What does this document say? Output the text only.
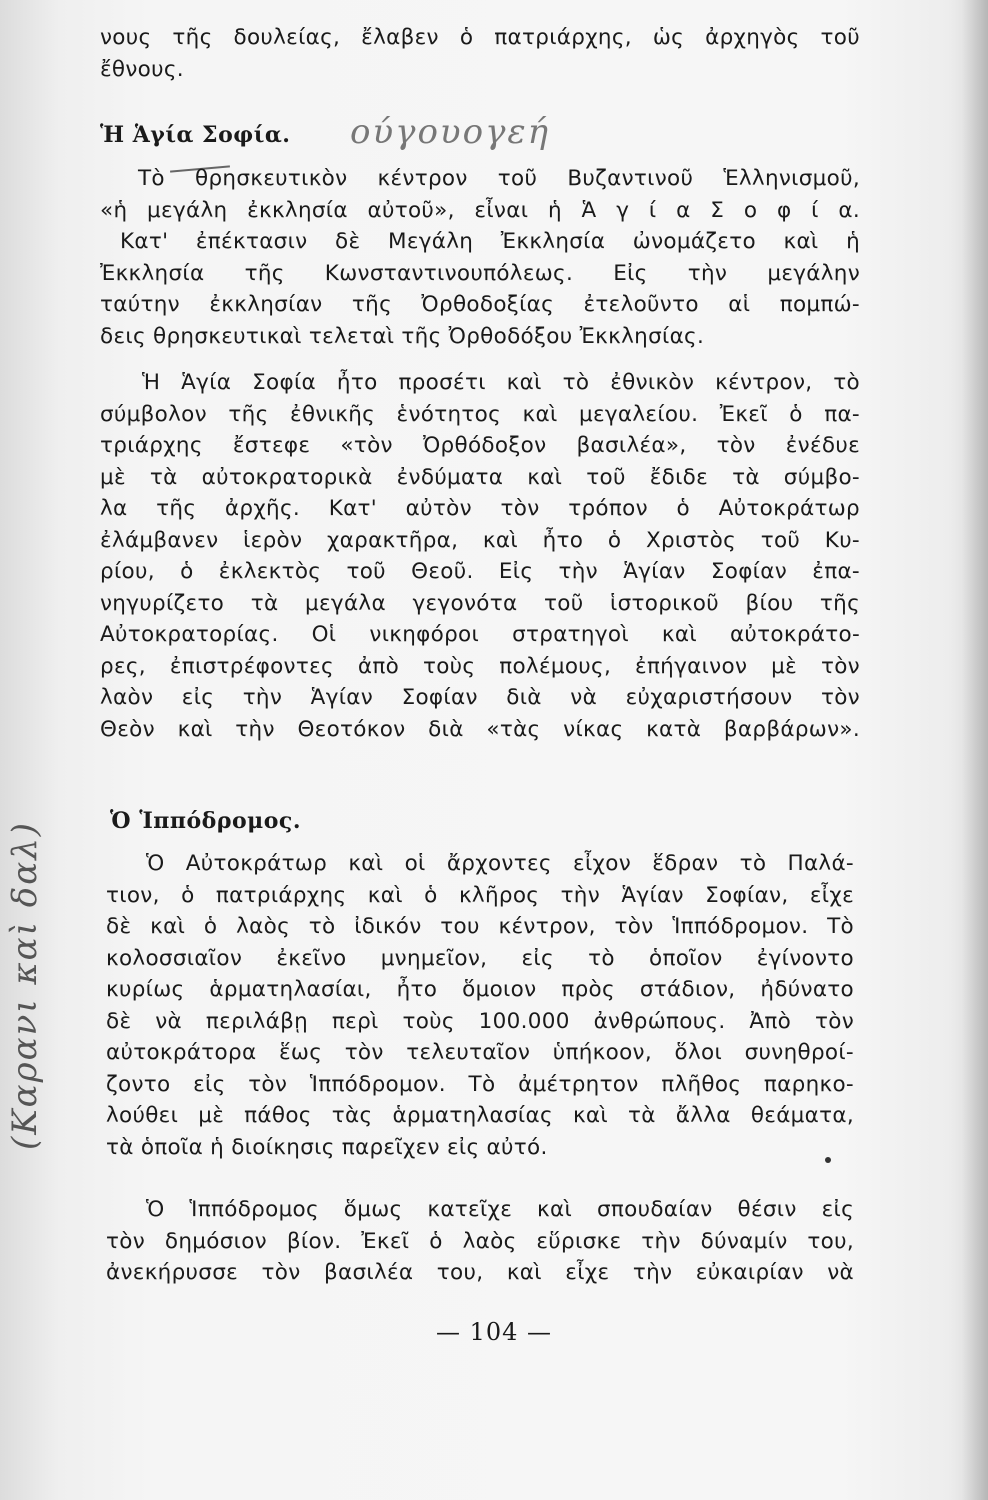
νους τῆς δουλείας, ἔλαβεν ὁ πατριάρχης, ὡς ἀρχηγὸς τοῦ
ἔθνους.
Ἡ Ἁγία Σοφία. ούγουογεή
Τὸ θρησκευτικὸν κέντρον τοῦ Βυζαντινοῦ Ἑλληνισμοῦ,
«ἡ μεγάλη ἐκκλησία αὐτοῦ», εἶναι ἡ Ἁ γ ί α Σ ο φ ί α.
Κατ' ἐπέκτασιν δὲ Μεγάλη Ἐκκλησία ὠνομάζετο καὶ ἡ
Ἐκκλησία τῆς Κωνσταντινουπόλεως. Εἰς τὴν μεγάλην
ταύτην ἐκκλησίαν τῆς Ὀρθοδοξίας ἐτελοῦντο αἱ πομπώ-
δεις θρησκευτικαὶ τελεταὶ τῆς Ὀρθοδόξου Ἐκκλησίας.
Ἡ Ἁγία Σοφία ἦτο προσέτι καὶ τὸ ἐθνικὸν κέντρον, τὸ
σύμβολον τῆς ἐθνικῆς ἑνότητος καὶ μεγαλείου. Ἐκεῖ ὁ πα-
τριάρχης ἔστεφε «τὸν Ὀρθόδοξον βασιλέα», τὸν ἐνέδυε
μὲ τὰ αὐτοκρατορικὰ ἐνδύματα καὶ τοῦ ἔδιδε τὰ σύμβο-
λα τῆς ἀρχῆς. Κατ' αὐτὸν τὸν τρόπον ὁ Αὐτοκράτωρ
ἐλάμβανεν ἱερὸν χαρακτῆρα, καὶ ἦτο ὁ Χριστὸς τοῦ Κυ-
ρίου, ὁ ἐκλεκτὸς τοῦ Θεοῦ. Εἰς τὴν Ἁγίαν Σοφίαν ἐπα-
νηγυρίζετο τὰ μεγάλα γεγονότα τοῦ ἱστορικοῦ βίου τῆς
Αὐτοκρατορίας. Οἱ νικηφόροι στρατηγοὶ καὶ αὐτοκράτο-
ρες, ἐπιστρέφοντες ἀπὸ τοὺς πολέμους, ἐπήγαινον μὲ τὸν
λαὸν εἰς τὴν Ἁγίαν Σοφίαν διὰ νὰ εὐχαριστήσουν τὸν
Θεὸν καὶ τὴν Θεοτόκον διὰ «τὰς νίκας κατὰ βαρβάρων».
Ὁ Ἱππόδρομος.
Ὁ Αὐτοκράτωρ καὶ οἱ ἄρχοντες εἶχον ἕδραν τὸ Παλά-
τιον, ὁ πατριάρχης καὶ ὁ κλῆρος τὴν Ἁγίαν Σοφίαν, εἶχε
δὲ καὶ ὁ λαὸς τὸ ἰδικόν του κέντρον, τὸν Ἱππόδρομον. Τὸ
κολοσσιαῖον ἐκεῖνο μνημεῖον, εἰς τὸ ὁποῖον ἐγίνοντο
κυρίως ἁρματηλασίαι, ἦτο ὅμοιον πρὸς στάδιον, ἠδύνατο
δὲ νὰ περιλάβῃ περὶ τοὺς 100.000 ἀνθρώπους. Ἀπὸ τὸν
αὐτοκράτορα ἕως τὸν τελευταῖον ὑπήκοον, ὅλοι συνηθροί-
ζοντο εἰς τὸν Ἱππόδρομον. Τὸ ἀμέτρητον πλῆθος παρηκο-
λούθει μὲ πάθος τὰς ἁρματηλασίας καὶ τὰ ἄλλα θεάματα,
τὰ ὁποῖα ἡ διοίκησις παρεῖχεν εἰς αὐτό.
Ὁ Ἱππόδρομος ὅμως κατεῖχε καὶ σπουδαίαν θέσιν εἰς
τὸν δημόσιον βίον. Ἐκεῖ ὁ λαὸς εὕρισκε τὴν δύναμίν του,
ἀνεκήρυσσε τὸν βασιλέα του, καὶ εἶχε τὴν εὐκαιρίαν νὰ
(Καρανι καὶ δαλ)
— 104 —
